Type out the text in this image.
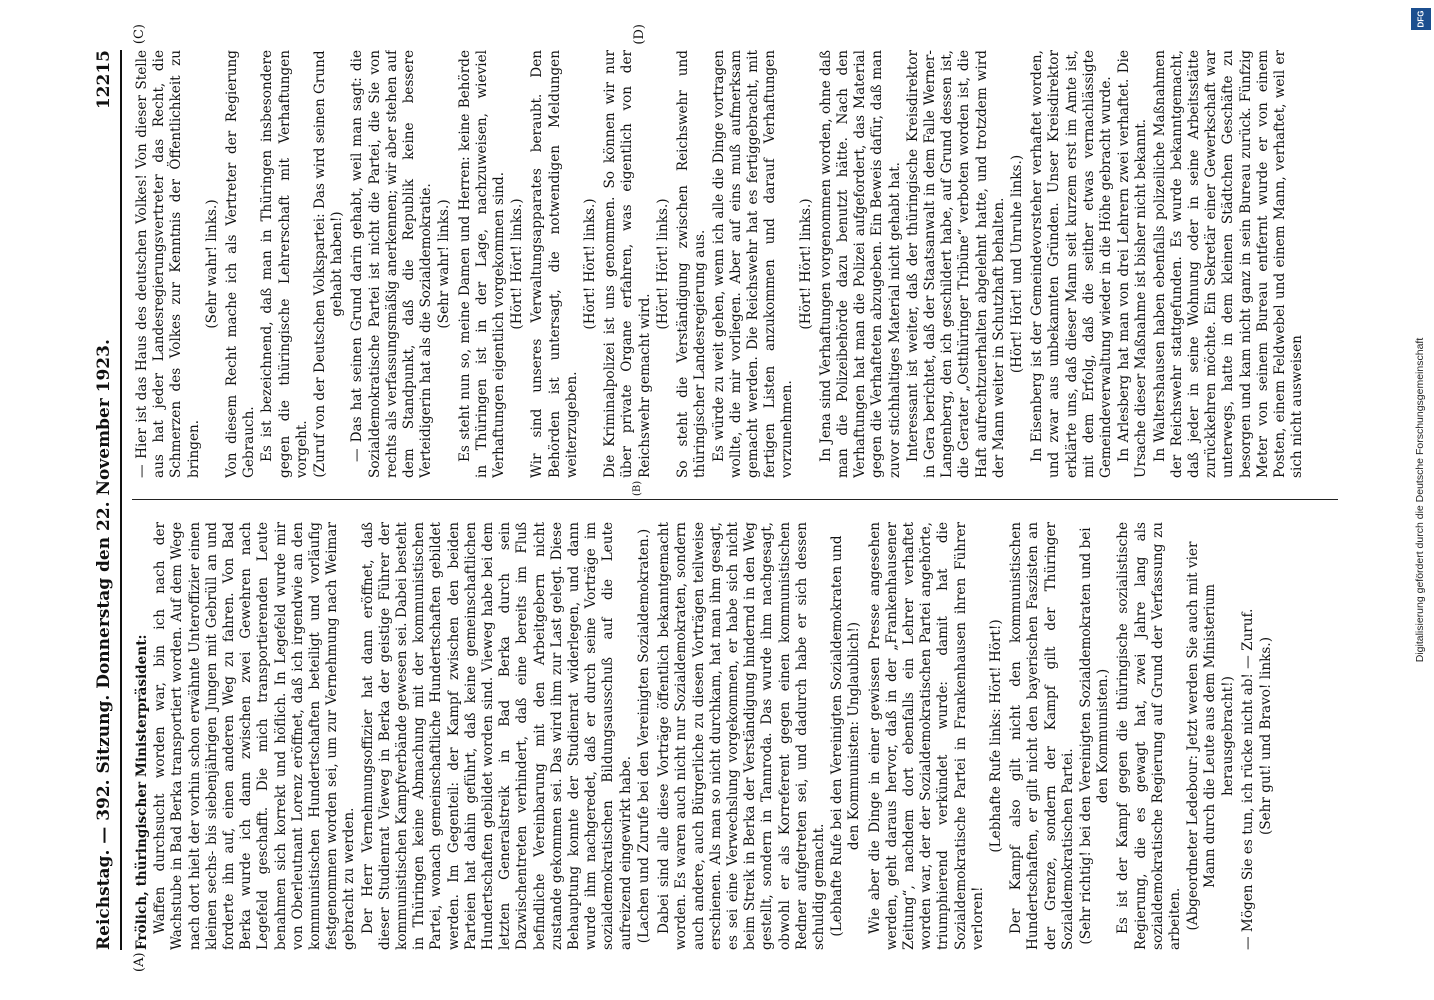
Reichstag. — 392. Sitzung. Donnerstag den 22. November 1923.
12215
(A)
(B)
(C)	(D)

Frölich, thüringischer Ministerpräsident: Waffen durchsucht worden war, bin ich nach der Wachstube in Bad Berka transportiert worden. Auf dem Wege nach dort hielt der vorhin schon erwähnte Unteroffizier einen kleinen sechs- bis siebenjährigen Jungen mit Gebrüll an und forderte ihn auf, einen anderen Weg zu fahren. Von Bad Berka wurde ich dann zwischen zwei Gewehren nach Legefeld geschafft. Die mich transportierenden Leute benahmen sich korrekt und höflich. In Legefeld wurde mir von Oberleutnant Lorenz eröffnet, daß ich irgendwie an den kommunistischen Hundertschaften beteiligt und vorläufig festgenommen worden sei, um zur Vernehmung nach Weimar gebracht zu werden. Der Herr Vernehmungsoffizier hat dann eröffnet, daß dieser Studienrat Vieweg in Berka der geistige Führer der kommunistischen Kampfverbände gewesen sei. Dabei besteht in Thüringen keine Abmachung mit der kommunistischen Partei, wonach gemeinschaftliche Hundertschaften gebildet werden. Im Gegenteil: der Kampf zwischen den beiden Parteien hat dahin geführt, daß keine gemeinschaftlichen Hundertschaften gebildet worden sind. Vieweg habe bei dem letzten Generalstreik in Bad Berka durch sein Dazwischentreten verhindert, daß eine bereits im Fluß befindliche Vereinbarung mit den Arbeitgebern nicht zustande gekommen sei. Das wird ihm zur Last gelegt. Diese Behauptung konnte der Studienrat widerlegen, und dann wurde ihm nachgeredet, daß er durch seine Vorträge im sozialdemokratischen Bildungsausschuß auf die Leute aufreizend eingewirkt habe. (Lachen und Zurufe bei den Vereinigten Sozialdemokraten.) Dabei sind alle diese Vorträge öffentlich bekanntgemacht worden. Es waren auch nicht nur Sozialdemokraten, sondern auch andere, auch Bürgerliche zu diesen Vorträgen teilweise erschienen. Als man so nicht durchkam, hat man ihm gesagt, es sei eine Verwechslung vorgekommen, er habe sich nicht beim Streik in Berka der Verständigung hindernd in den Weg gestellt, sondern in Tannroda. Das wurde ihm nachgesagt, obwohl er als Korreferent gegen einen kommunistischen Redner aufgetreten sei, und dadurch habe er sich dessen schuldig gemacht. (Lebhafte Rufe bei den Vereinigten Sozialdemokraten und den Kommunisten: Unglaublich!) Wie aber die Dinge in einer gewissen Presse angesehen werden, geht daraus hervor, daß in der „Frankenhausener Zeitung“, nachdem dort ebenfalls ein Lehrer verhaftet worden war, der der Sozialdemokratischen Partei angehörte, triumphierend verkündet wurde: damit hat die Sozialdemokratische Partei in Frankenhausen ihren Führer verloren!

(Lebhafte Rufe links: Hört! Hört!) Der Kampf also gilt nicht den kommunistischen Hundertschaften, er gilt nicht den bayerischen Faszisten an der Grenze, sondern der Kampf gilt der Thüringer Sozialdemokratischen Partei. (Sehr richtig! bei den Vereinigten Sozialdemokraten und bei den Kommunisten.) Es ist der Kampf gegen die thüringische sozialistische Regierung, die es gewagt hat, zwei Jahre lang als sozialdemokratische Regierung auf Grund der Verfassung zu arbeiten. (Abgeordneter Ledebour: Jetzt werden Sie auch mit vier Mann durch die Leute aus dem Ministerium herausgebracht!) — Mögen Sie es tun, ich rücke nicht ab! — Zuruf. (Sehr gut! und Bravo! links.)

— Hier ist das Haus des deutschen Volkes! Von dieser Stelle aus hat jeder Landesregierungsvertreter das Recht, die Schmerzen des Volkes zur Kenntnis der Öffentlichkeit zu bringen.

(Sehr wahr! links.) Von diesem Recht mache ich als Vertreter der Regierung Gebrauch. Es ist bezeichnend, daß man in Thüringen insbesondere gegen die thüringische Lehrerschaft mit Verhaftungen vorgeht. (Zuruf von der Deutschen Volkspartei: Das wird seinen Grund gehabt haben!) — Das hat seinen Grund darin gehabt, weil man sagt: die Sozialdemokratische Partei ist nicht die Partei, die Sie von rechts als verfassungsmäßig anerkennen; wir aber stehen auf dem Standpunkt, daß die Republik keine bessere Verteidigerin hat als die Sozialdemokratie. (Sehr wahr! links.) Es steht nun so, meine Damen und Herren: keine Behörde in Thüringen ist in der Lage, nachzuweisen, wieviel Verhaftungen eigentlich vorgekommen sind. (Hört! Hört! links.) Wir sind unseres Verwaltungsapparates beraubt. Den Behörden ist untersagt, die notwendigen Meldungen weiterzugeben.

(Hört! Hört! links.) Die Kriminalpolizei ist uns genommen. So können wir nur über private Organe erfahren, was eigentlich von der Reichswehr gemacht wird.

(Hört! Hört! links.) So steht die Verständigung zwischen Reichswehr und thüringischer Landesregierung aus. Es würde zu weit gehen, wenn ich alle die Dinge vortragen wollte, die mir vorliegen. Aber auf eins muß aufmerksam gemacht werden. Die Reichswehr hat es fertiggebracht, mit fertigen Listen anzukommen und darauf Verhaftungen vorzunehmen.

(Hört! Hört! links.) In Jena sind Verhaftungen vorgenommen worden, ohne daß man die Polizeibehörde dazu benutzt hätte. Nach den Verhaftungen hat man die Polizei aufgefordert, das Material gegen die Verhafteten abzugeben. Ein Beweis dafür, daß man zuvor stichhaltiges Material nicht gehabt hat. Interessant ist weiter, daß der thüringische Kreisdirektor in Gera berichtet, daß der Staatsanwalt in dem Falle Werner-Langenberg, den ich geschildert habe, auf Grund dessen ist, die Gerater „Ostthüringer Tribüne“ verboten worden ist, die Haft aufrechtzuerhalten abgelehnt hatte, und trotzdem wird der Mann weiter in Schutzhaft behalten. (Hört! Hört! und Unruhe links.) In Eisenberg ist der Gemeindevorsteher verhaftet worden, und zwar aus unbekannten Gründen. Unser Kreisdirektor erklärte uns, daß dieser Mann seit kurzem erst im Amte ist, mit dem Erfolg, daß die seither etwas vernachlässigte Gemeindeverwaltung wieder in die Höhe gebracht wurde. In Arlesberg hat man von drei Lehrern zwei verhaftet. Die Ursache dieser Maßnahme ist bisher nicht bekannt. In Waltershausen haben ebenfalls polizeiliche Maßnahmen der Reichswehr stattgefunden. Es wurde bekanntgemacht, daß jeder in seine Wohnung oder in seine Arbeitsstätte zurückkehren möchte. Ein Sekretär einer Gewerkschaft war unterwegs, hatte in dem kleinen Städtchen Geschäfte zu besorgen und kam nicht ganz in sein Bureau zurück. Fünfzig Meter von seinem Bureau entfernt wurde er von einem Posten, einem Feldwebel und einem Mann, verhaftet, weil er sich nicht ausweisen	Digitalisierung gefördert durch die Deutsche Forschungsgemeinschaft
DFG
